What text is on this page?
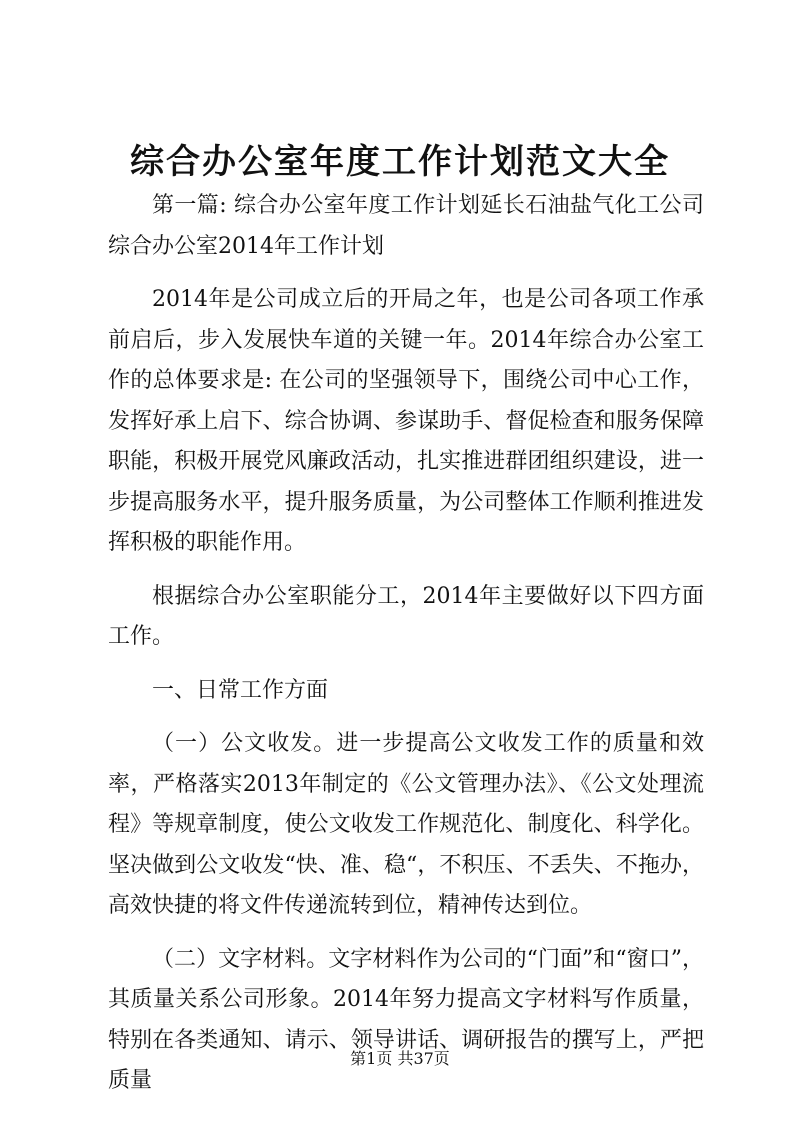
综合办公室年度工作计划范文大全

第一篇: 综合办公室年度工作计划延长石油盐气化工公司综合办公室2014年工作计划

2014年是公司成立后的开局之年，也是公司各项工作承前启后，步入发展快车道的关键一年。2014年综合办公室工作的总体要求是: 在公司的坚强领导下，围绕公司中心工作，发挥好承上启下、综合协调、参谋助手、督促检查和服务保障职能，积极开展党风廉政活动，扎实推进群团组织建设，进一步提高服务水平，提升服务质量，为公司整体工作顺利推进发挥积极的职能作用。

根据综合办公室职能分工，2014年主要做好以下四方面工作。

一、日常工作方面

（一）公文收发。进一步提高公文收发工作的质量和效率，严格落实2013年制定的《公文管理办法》、《公文处理流程》等规章制度，使公文收发工作规范化、制度化、科学化。坚决做到公文收发“快、准、稳“，不积压、不丢失、不拖办，高效快捷的将文件传递流转到位，精神传达到位。

（二）文字材料。文字材料作为公司的“门面”和“窗口”，其质量关系公司形象。2014年努力提高文字材料写作质量，特别在各类通知、请示、领导讲话、调研报告的撰写上，严把质量

第1页 共37页
